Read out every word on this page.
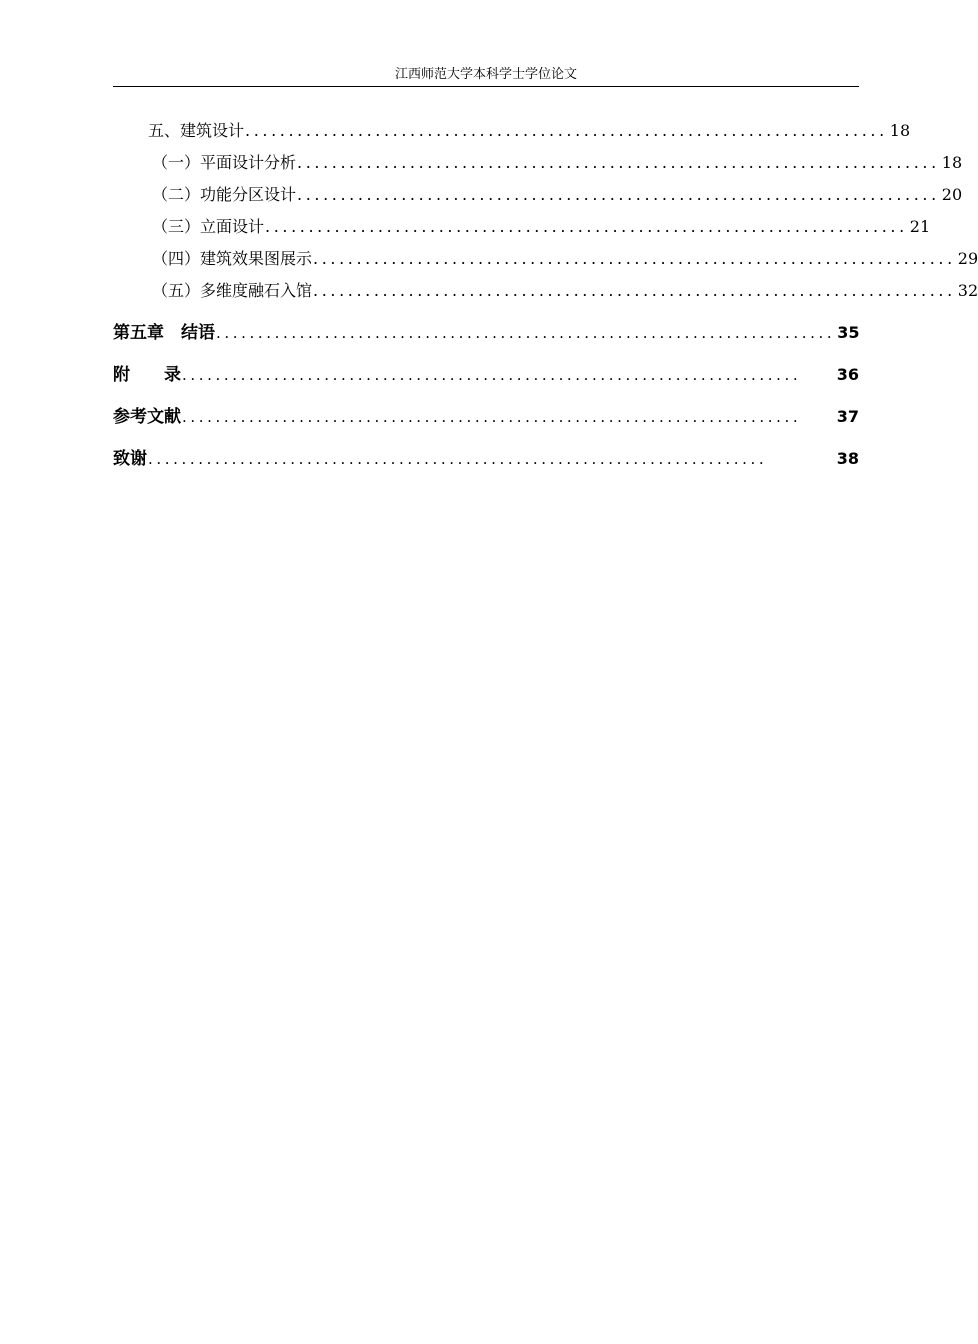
江西师范大学本科学士学位论文
五、建筑设计 .......................................................................... 18
（一）平面设计分析 .......................................................................... 18
（二）功能分区设计 .......................................................................... 20
（三）立面设计 .......................................................................... 21
（四）建筑效果图展示 .......................................................................... 29
（五）多维度融石入馆 .......................................................................... 32
第五章　结语 .......................................................................... 35
附　　录 ..........................................................................	36
参考文献 ..........................................................................	37
致谢 ..........................................................................	38
